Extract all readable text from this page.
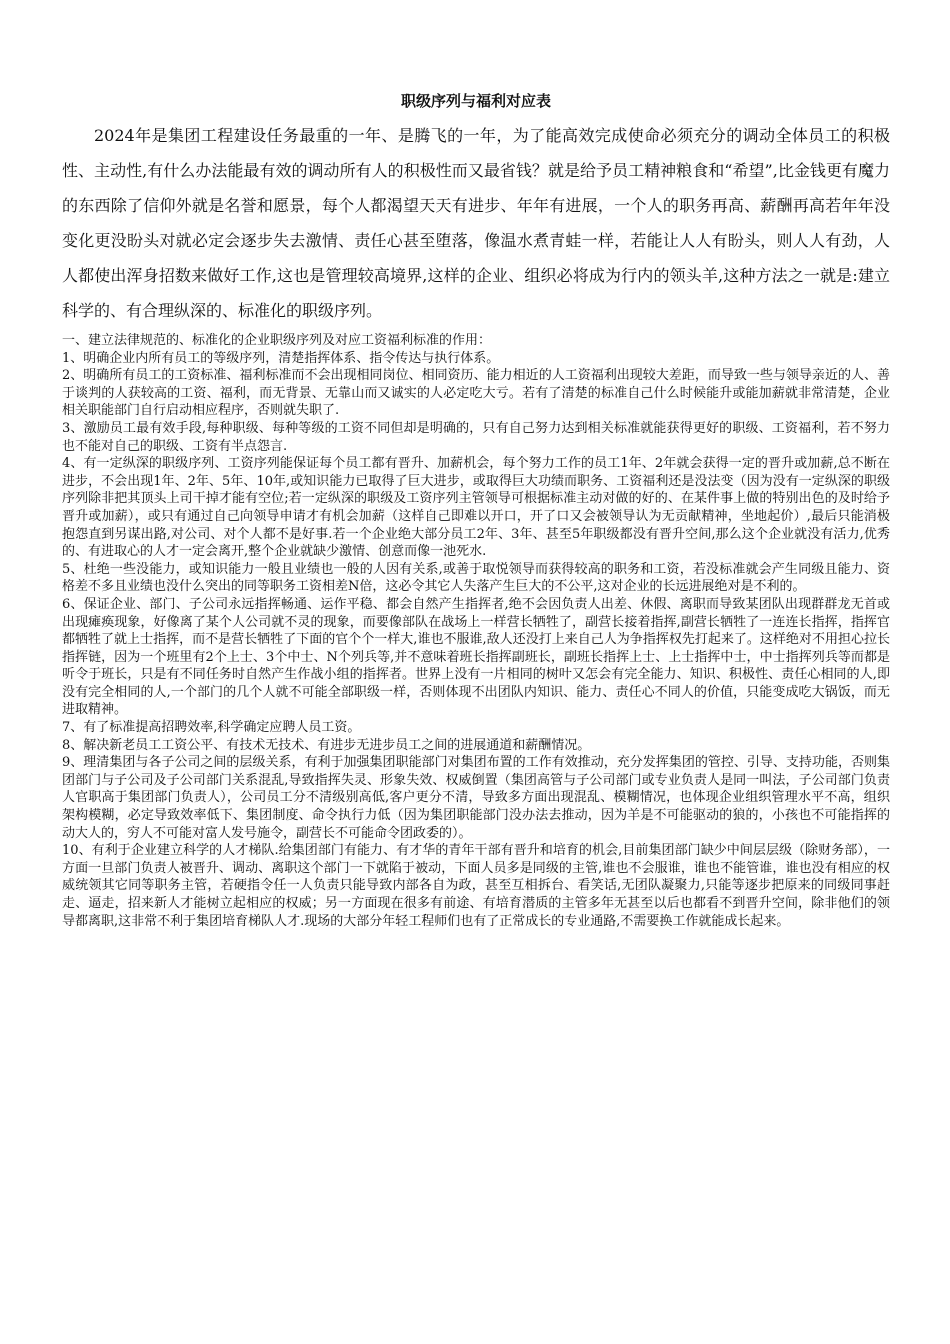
职级序列与福利对应表

2024年是集团工程建设任务最重的一年、是腾飞的一年，为了能高效完成使命必须充分的调动全体员工的积极性、主动性,有什么办法能最有效的调动所有人的积极性而又最省钱？就是给予员工精神粮食和“希望”,比金钱更有魔力的东西除了信仰外就是名誉和愿景，每个人都渴望天天有进步、年年有进展，一个人的职务再高、薪酬再高若年年没变化更没盼头对就必定会逐步失去激情、责任心甚至堕落，像温水煮青蛙一样，若能让人人有盼头，则人人有劲，人人都使出浑身招数来做好工作,这也是管理较高境界,这样的企业、组织必将成为行内的领头羊,这种方法之一就是:建立科学的、有合理纵深的、标准化的职级序列。

一、建立法律规范的、标准化的企业职级序列及对应工资福利标准的作用：

1、明确企业内所有员工的等级序列，清楚指挥体系、指令传达与执行体系。

2、明确所有员工的工资标准、福利标准而不会出现相同岗位、相同资历、能力相近的人工资福利出现较大差距，而导致一些与领导亲近的人、善于谈判的人获较高的工资、福利，而无背景、无靠山而又诚实的人必定吃大亏。若有了清楚的标准自己什么时候能升或能加薪就非常清楚，企业相关职能部门自行启动相应程序，否则就失职了.

3、激励员工最有效手段,每种职级、每种等级的工资不同但却是明确的，只有自己努力达到相关标准就能获得更好的职级、工资福利，若不努力也不能对自己的职级、工资有半点怨言.

4、有一定纵深的职级序列、工资序列能保证每个员工都有晋升、加薪机会，每个努力工作的员工1年、2年就会获得一定的晋升或加薪,总不断在进步，不会出现1年、2年、5年、10年,或知识能力已取得了巨大进步，或取得巨大功绩而职务、工资福利还是没法变（因为没有一定纵深的职级序列除非把其顶头上司干掉才能有空位;若一定纵深的职级及工资序列主管领导可根据标准主动对做的好的、在某件事上做的特别出色的及时给予晋升或加薪），或只有通过自己向领导申请才有机会加薪（这样自己即难以开口，开了口又会被领导认为无贡献精神，坐地起价）,最后只能消极抱怨直到另谋出路,对公司、对个人都不是好事.若一个企业绝大部分员工2年、3年、甚至5年职级都没有晋升空间,那么这个企业就没有活力,优秀的、有进取心的人才一定会离开,整个企业就缺少激情、创意而像一池死水.

5、杜绝一些没能力，或知识能力一般且业绩也一般的人因有关系,或善于取悦领导而获得较高的职务和工资，若没标准就会产生同级且能力、资格差不多且业绩也没什么突出的同等职务工资相差N倍，这必令其它人失落产生巨大的不公平,这对企业的长远进展绝对是不利的。

6、保证企业、部门、子公司永远指挥畅通、运作平稳、都会自然产生指挥者,绝不会因负责人出差、休假、离职而导致某团队出现群群龙无首或出现瘫痪现象，好像离了某个人公司就不灵的现象，而要像部队在战场上一样营长牺牲了，副营长接着指挥,副营长牺牲了一连连长指挥，指挥官都牺牲了就上士指挥，而不是营长牺牲了下面的官个个一样大,谁也不服谁,敌人还没打上来自己人为争指挥权先打起来了。这样绝对不用担心拉长指挥链，因为一个班里有2个上士、3个中士、N个列兵等,并不意味着班长指挥副班长，副班长指挥上士、上士指挥中士，中士指挥列兵等而都是听令于班长，只是有不同任务时自然产生作战小组的指挥者。世界上没有一片相同的树叶又怎会有完全能力、知识、积极性、责任心相同的人,即没有完全相同的人,一个部门的几个人就不可能全部职级一样，否则体现不出团队内知识、能力、责任心不同人的价值，只能变成吃大锅饭，而无进取精神。

7、有了标准提高招聘效率,科学确定应聘人员工资。

8、解决新老员工工资公平、有技术无技术、有进步无进步员工之间的进展通道和薪酬情况。

9、理清集团与各子公司之间的层级关系，有利于加强集团职能部门对集团布置的工作有效推动，充分发挥集团的管控、引导、支持功能，否则集团部门与子公司及子公司部门关系混乱,导致指挥失灵、形象失效、权威倒置（集团高管与子公司部门或专业负责人是同一叫法，子公司部门负责人官职高于集团部门负责人），公司员工分不清级别高低,客户更分不清，导致多方面出现混乱、模糊情况，也体现企业组织管理水平不高，组织架构模糊，必定导致效率低下、集团制度、命令执行力低（因为集团职能部门没办法去推动，因为羊是不可能驱动的狼的，小孩也不可能指挥的动大人的，穷人不可能对富人发号施令，副营长不可能命令团政委的）。

10、有利于企业建立科学的人才梯队.给集团部门有能力、有才华的青年干部有晋升和培育的机会,目前集团部门缺少中间层层级（除财务部），一方面一旦部门负责人被晋升、调动、离职这个部门一下就陷于被动，下面人员多是同级的主管,谁也不会服谁，谁也不能管谁，谁也没有相应的权威统领其它同等职务主管，若硬指令任一人负责只能导致内部各自为政，甚至互相拆台、看笑话,无团队凝聚力,只能等逐步把原来的同级同事赶走、逼走，招来新人才能树立起相应的权威；另一方面现在很多有前途、有培育潜质的主管多年无甚至以后也都看不到晋升空间，除非他们的领导都离职,这非常不利于集团培育梯队人才.现场的大部分年轻工程师们也有了正常成长的专业通路,不需要换工作就能成长起来。
